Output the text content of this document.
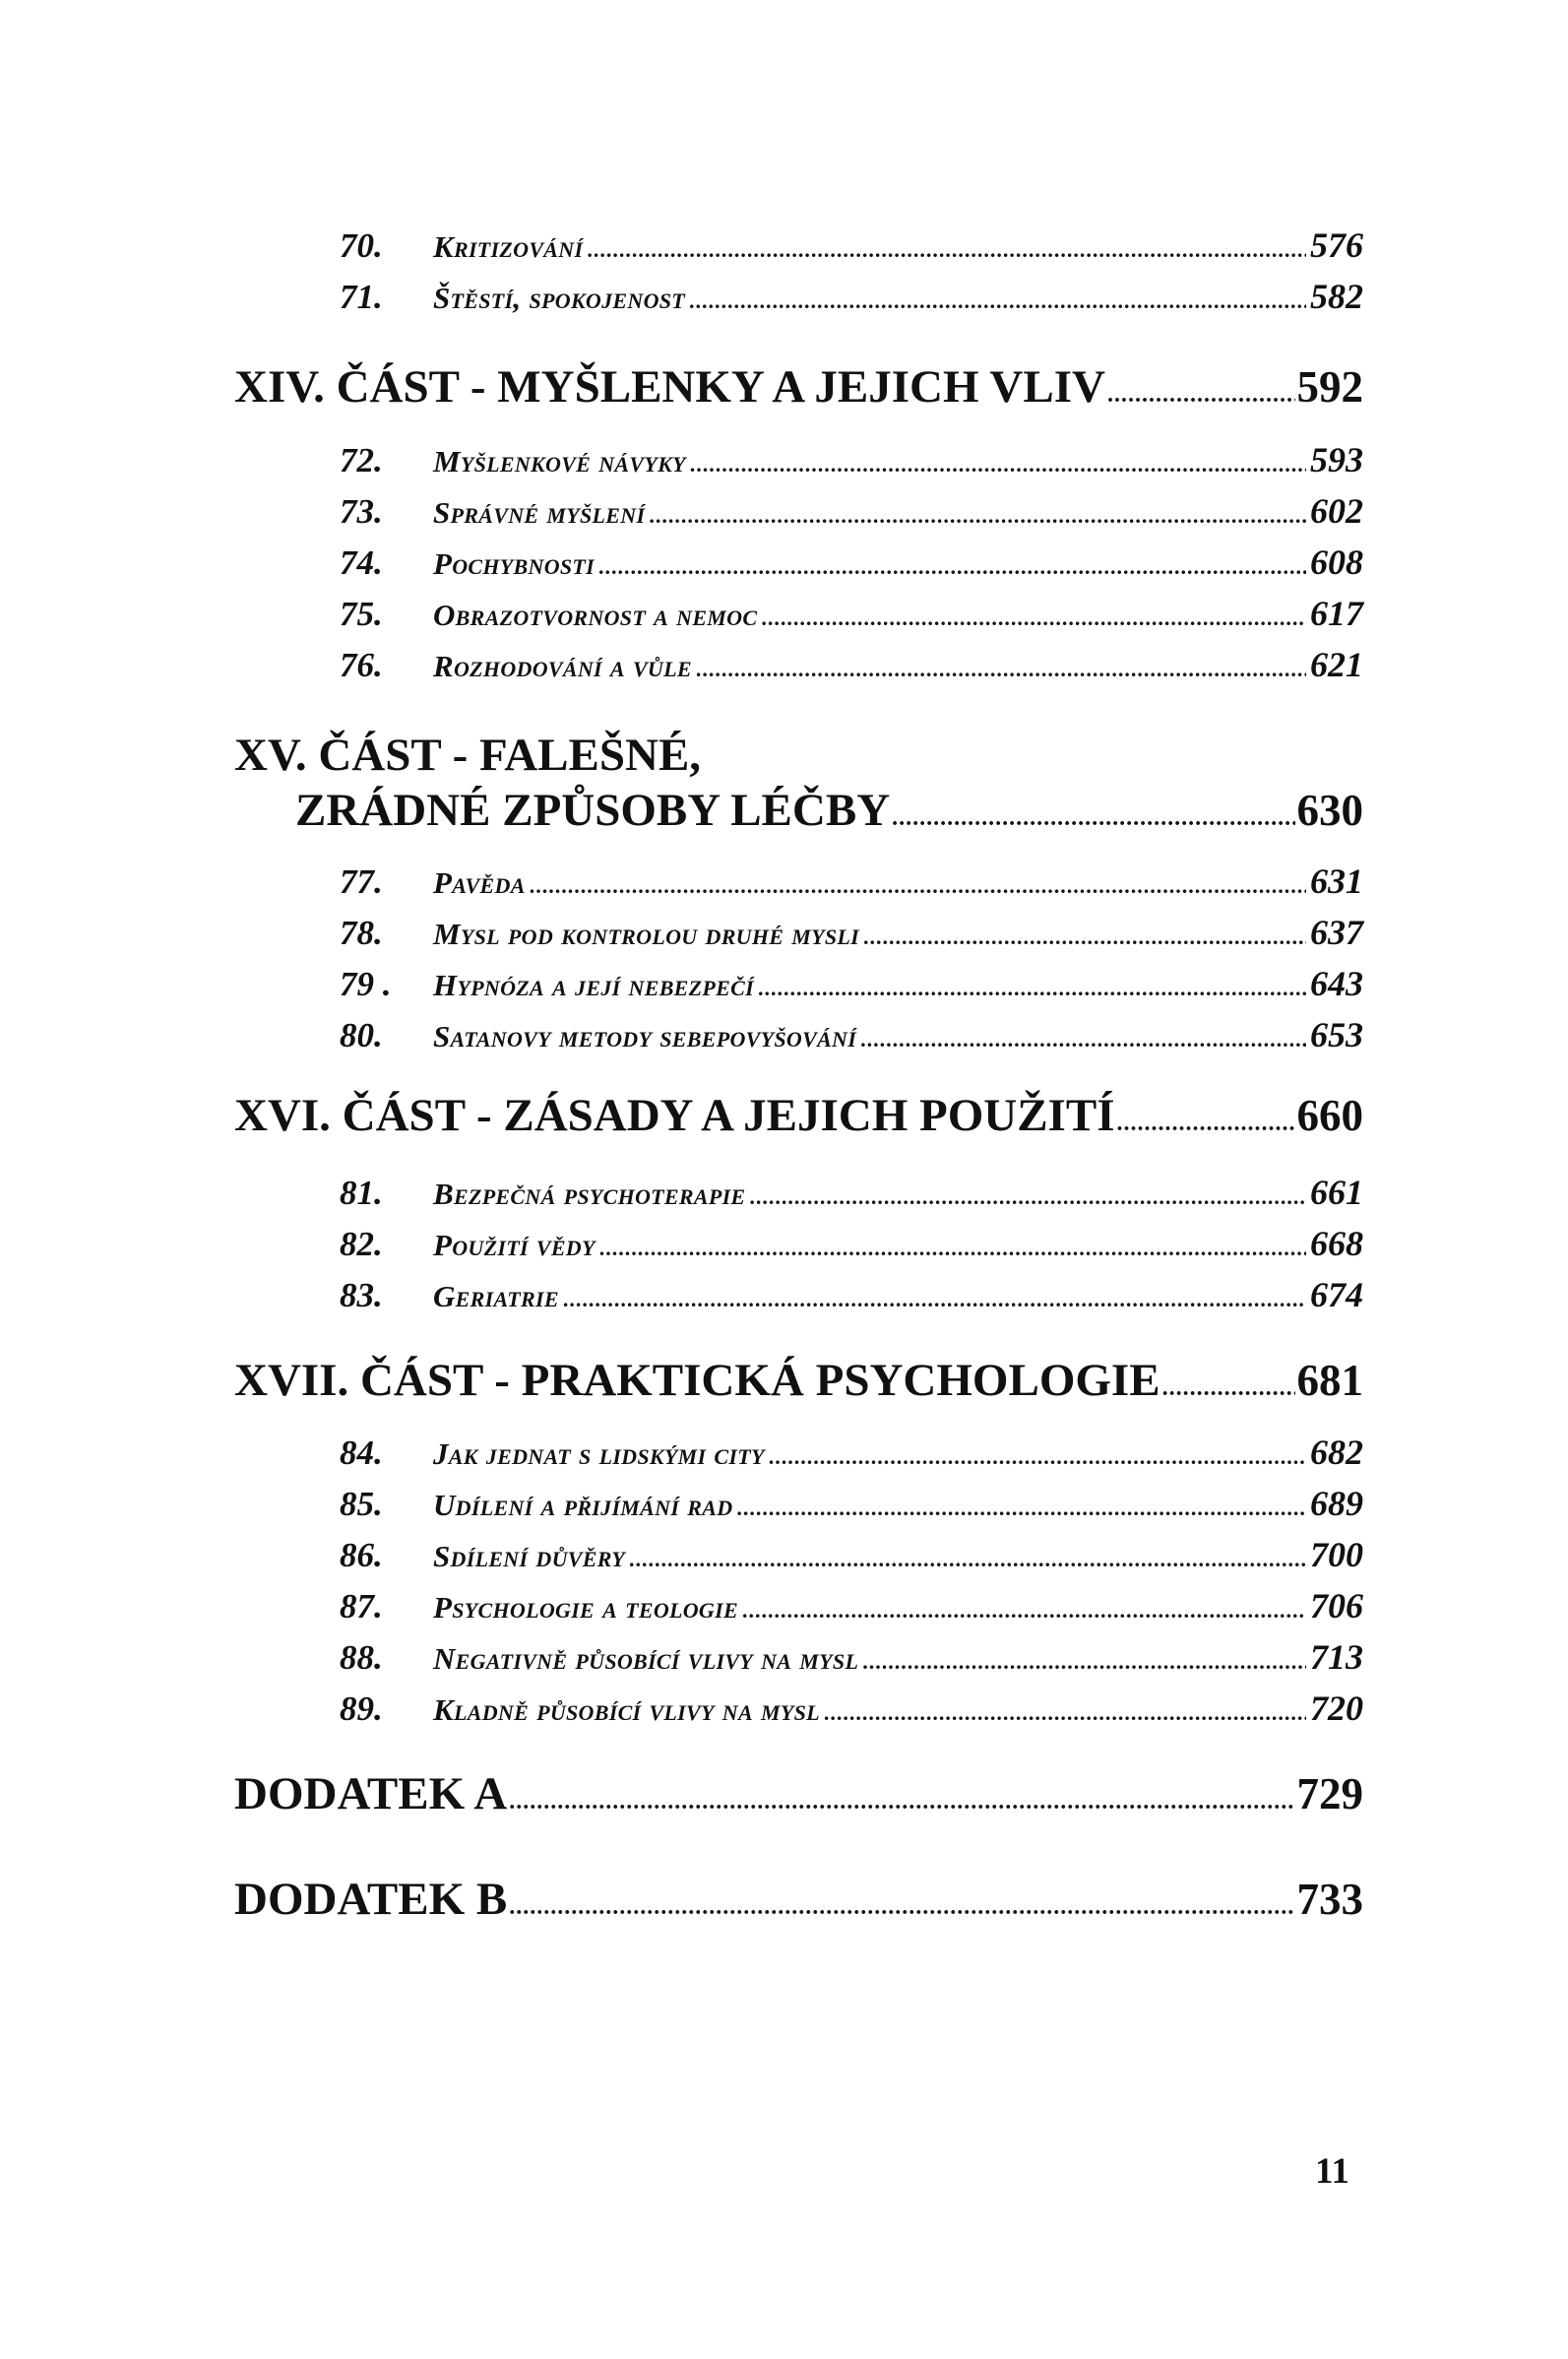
70.	Kritizování .....	576
71.	Štěstí, spokojenost .....	582
XIV. ČÁST - MYŠLENKY A JEJICH VLIV .....	592
72.	Myšlenkové návyky .....	593
73.	Správné myšlení .....	602
74.	Pochybnosti .....	608
75.	Obrazotvornost a nemoc .....	617
76.	Rozhodování a vůle .....	621
XV. ČÁST - FALEŠNÉ,
ZRÁDNÉ ZPŮSOBY LÉČBY .....	630
77.	Pavěda .....	631
78.	Mysl pod kontrolou druhé mysli .....	637
79 .	Hypnóza a její nebezpečí .....	643
80.	Satanovy metody sebepovyšování .....	653
XVI. ČÁST - ZÁSADY A JEJICH POUŽITÍ .....	660
81.	Bezpečná psychoterapie .....	661
82.	Použití vědy .....	668
83.	Geriatrie .....	674
XVII. ČÁST - PRAKTICKÁ PSYCHOLOGIE .....	681
84.	Jak jednat s lidskými city .....	682
85.	Udílení a přijímání rad .....	689
86.	Sdílení důvěry .....	700
87.	Psychologie a teologie .....	706
88.	Negativně působící vlivy na mysl .....	713
89.	Kladně působící vlivy na mysl .....	720
DODATEK A .....	729
DODATEK B .....	733
11
